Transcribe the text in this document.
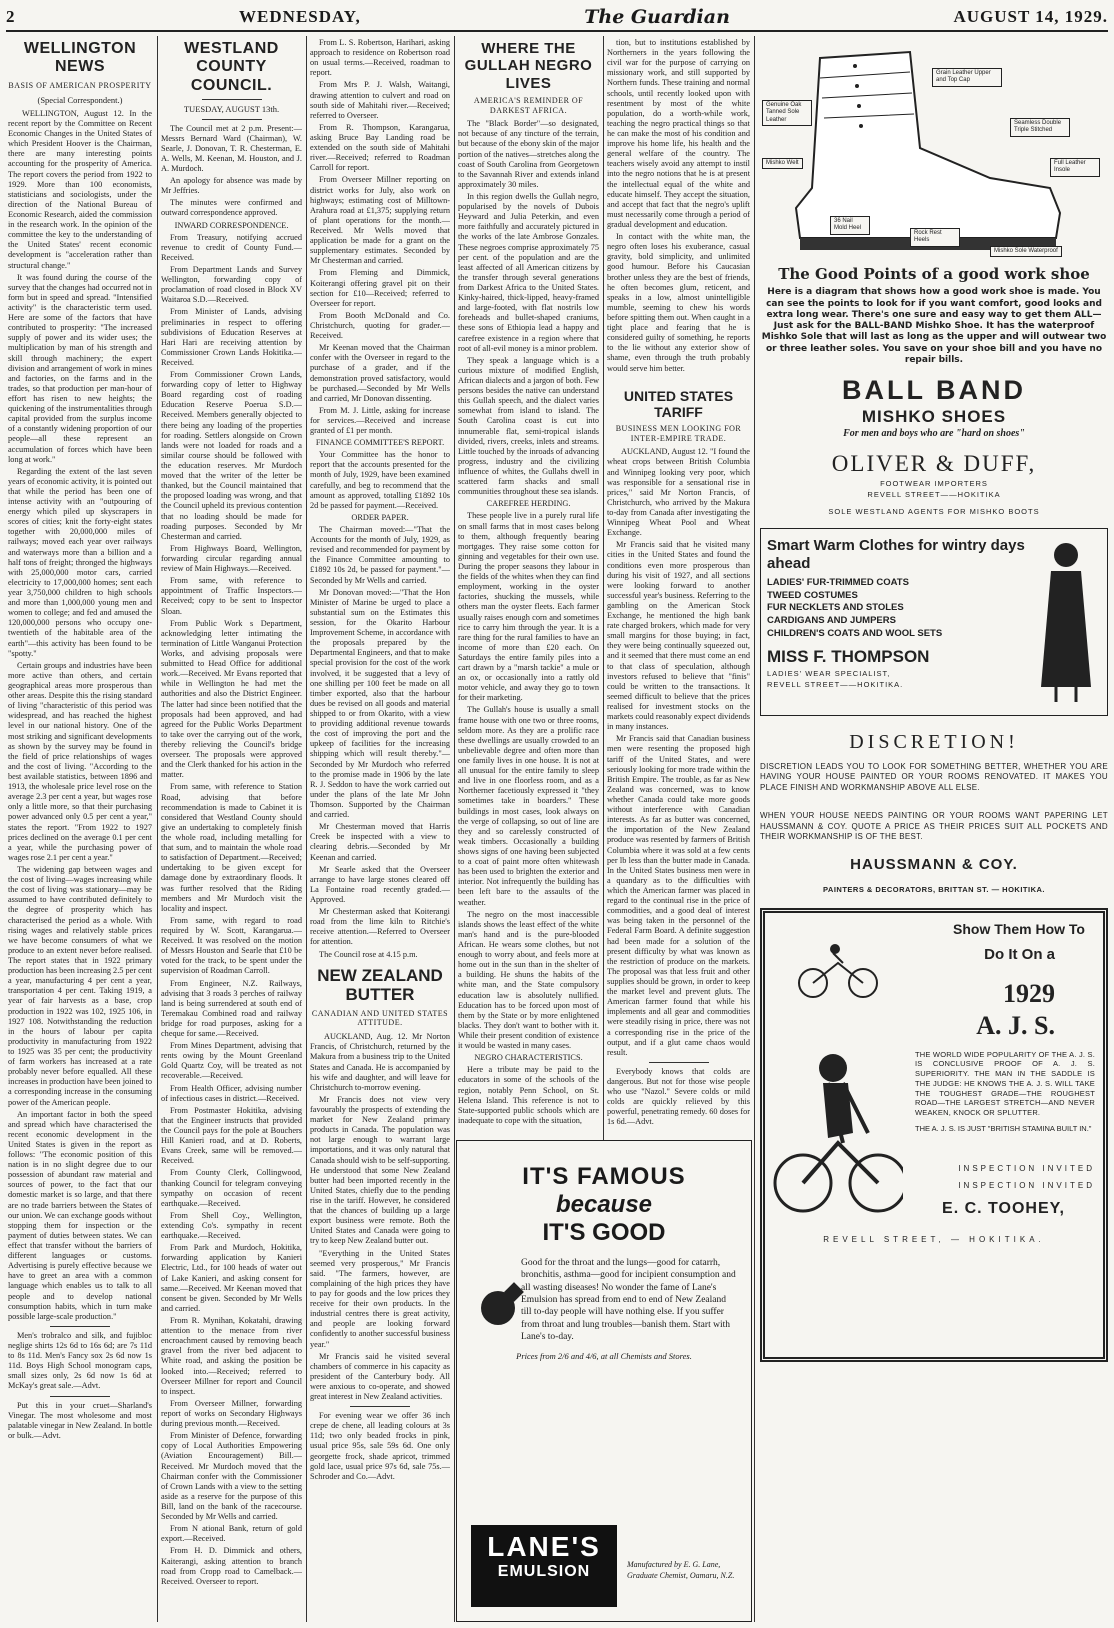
2	WEDNESDAY,	The Guardian	AUGUST 14, 1929.
WELLINGTON NEWS
BASIS OF AMERICAN PROSPERITY
(Special Correspondent.)

WELLINGTON, August 12. In the recent report by the Committee on Recent Economic Changes in the United States of which President Hoover is the Chairman, there are many interesting points accounting for the prosperity of America. The report covers the period from 1922 to 1929. More than 100 economists, statisticians and sociologists, under the direction of the National Bureau of Economic Research, aided the commission in the research work. In the opinion of the committee the key to the understanding of the United States' recent economic development is "acceleration rather than structural change."

It was found during the course of the survey that the changes had occurred not in form but in speed and spread. "Intensified activity" is the characteristic term used. Here are some of the factors that have contributed to prosperity: "The increased supply of power and its wider uses; the multiplication by man of his strength and skill through machinery; the expert division and arrangement of work in mines and factories, on the farms and in the trades, so that production per man-hour of effort has risen to new heights; the quickening of the instrumentalities through capital provided from the surplus income of a constantly widening proportion of our people—all these represent an accumulation of forces which have been long at work."

Regarding the extent of the last seven years of economic activity, it is pointed out that while the period has been one of intense activity with an "outpouring of energy which piled up skyscrapers in scores of cities; knit the forty-eight states together with 20,000,000 miles of railways; moved each year over railways and waterways more than a billion and a half tons of freight; thronged the highways with 25,000,000 motor cars, carried electricity to 17,000,000 homes; sent each year 3,750,000 children to high schools and more than 1,000,000 young men and women to college; and fed and amused the 120,000,000 persons who occupy one-twentieth of the habitable area of the earth"—this activity has been found to be "spotty."

Certain groups and industries have been more active than others, and certain geographical areas more prosperous than other areas. Despite this the rising standard of living "characteristic of this period was widespread, and has reached the highest level in our national history. One of the most striking and significant developments as shown by the survey may be found in the field of price relationships of wages and the cost of living. "According to the best available statistics, between 1896 and 1913, the wholesale price level rose on the average 2.3 per cent a year, but wages rose only a little more, so that their purchasing power advanced only 0.5 per cent a year," states the report. "From 1922 to 1927 prices declined on the average 0.1 per cent a year, while the purchasing power of wages rose 2.1 per cent a year."

The widening gap between wages and the cost of living—wages increasing while the cost of living was stationary—may be assumed to have contributed definitely to the degree of prosperity which has characterised the period as a whole. With rising wages and relatively stable prices we have become consumers of what we produce to an extent never before realised. The report states that in 1922 primary production has been increasing 2.5 per cent a year, manufacturing 4 per cent a year, transportation 4 per cent. Taking 1919, a year of fair harvests as a base, crop production in 1922 was 102, 1925 106, in 1927 108. Notwithstanding the reduction in the hours of labour per capita productivity in manufacturing from 1922 to 1925 was 35 per cent; the productivity of farm workers has increased at a rate probably never before equalled. All these increases in production have been joined to a corresponding increase in the consuming power of the American people.

An important factor in both the speed and spread which have characterised the recent economic development in the United States is given in the report as follows: "The economic position of this nation is in no slight degree due to our possession of abundant raw material and sources of power, to the fact that our domestic market is so large, and that there are no trade barriers between the States of our union. We can exchange goods without stopping them for inspection or the payment of duties between states. We can effect that transfer without the barriers of different languages or customs. Advertising is purely effective because we have to greet an area with a common language which enables us to talk to all people and to develop national consumption habits, which in turn make possible large-scale production."

Men's trobralco and silk, and fujibloc neglige shirts 12s 6d to 16s 6d; are 7s 11d to 8s 11d. Men's Fancy sox 2s 6d now 1s 11d. Boys High School monogram caps, small sizes only, 2s 6d now 1s 6d at McKay's great sale.—Advt.

Put this in your cruet—Sharland's Vinegar. The most wholesome and most palatable vinegar in New Zealand. In bottle or bulk.—Advt.

WESTLAND COUNTY COUNCIL.
TUESDAY, AUGUST 13th.

The Council met at 2 p.m. Present:—Messrs Bernard Ward (Chairman), W. Searle, J. Donovan, T. R. Chesterman, E. A. Wells, M. Keenan, M. Houston, and J. A. Murdoch.

An apology for absence was made by Mr Jeffries.

The minutes were confirmed and outward correspondence approved.

INWARD CORRESPONDENCE.

From Treasury, notifying accrued revenue to credit of County Fund.—Received.

From Department Lands and Survey Wellington, forwarding copy of proclamation of road closed in Block XV Waitaroa S.D.—Received.

From Minister of Lands, advising preliminaries in respect to offering subdivisions of Education Reserves at Hari Hari are receiving attention by Commissioner Crown Lands Hokitika.—Received.

From Commissioner Crown Lands, forwarding copy of letter to Highway Board regarding cost of roading Education Reserve Poerua S.D.—Received. Members generally objected to there being any loading of the properties for roading. Settlers alongside on Crown lands were not loaded for roads and a similar course should be followed with the education reserves. Mr Murdoch moved that the writer of the letter be thanked, but the Council maintained that the proposed loading was wrong, and that the Council upheld its previous contention that no loading should be made for roading purposes. Seconded by Mr Chesterman and carried.

From Highways Board, Wellington, forwarding circular regarding annual review of Main Highways.—Received.

From same, with reference to appointment of Traffic Inspectors.—Received; copy to be sent to Inspector Sloan.

From Public Work s Department, acknowledging letter intimating the termination of Little Wanganui Protection Works, and advising proposals were submitted to Head Office for additional work.—Received. Mr Evans reported that while in Wellington he had met the authorities and also the District Engineer. The latter had since been notified that the proposals had been approved, and had agreed for the Public Works Department to take over the carrying out of the work, thereby relieving the Council's bridge overseer. The proposals were approved and the Clerk thanked for his action in the matter.

From same, with reference to Station Road, advising that before recommendation is made to Cabinet it is considered that Westland County should give an undertaking to completely finish the whole road, including metalling for that sum, and to maintain the whole road to satisfaction of Department.—Received; undertaking to be given except for damage done by extraordinary floods. It was further resolved that the Riding members and Mr Murdoch visit the locality and inspect.

From same, with regard to road required by W. Scott, Karangarua.—Received. It was resolved on the motion of Messrs Houston and Searle that £10 be voted for the track, to be spent under the supervision of Roadman Carroll.

From Engineer, N.Z. Railways, advising that 3 roads 3 perches of railway land is being surrendered at south end of Teremakau Combined road and railway bridge for road purposes, asking for a cheque for same.—Received.

From Mines Department, advising that rents owing by the Mount Greenland Gold Quartz Coy, will be treated as not recoverable.—Received.

From Health Officer, advising number of infectious cases in district.—Received.

From Postmaster Hokitika, advising that the Engineer instructs that provided the Council pays for the pole at Bouchers Hill Kanieri road, and at D. Roberts, Evans Creek, same will be removed.—Received.

From County Clerk, Collingwood, thanking Council for telegram conveying sympathy on occasion of recent earthquake.—Received.

From Shell Coy., Wellington, extending Co's. sympathy in recent earthquake.—Received.

From Park and Murdoch, Hokitika, forwarding application by Kanieri Electric, Ltd., for 100 heads of water out of Lake Kanieri, and asking consent for same.—Received. Mr Keenan moved that consent be given. Seconded by Mr Wells and carried.

From R. Mynihan, Kokatahi, drawing attention to the menace from river encroachment caused by removing beach gravel from the river bed adjacent to White road, and asking the position be looked into.—Received; referred to Overseer Millner for report and Council to inspect.

From Overseer Millner, forwarding report of works on Secondary Highways during previous month.—Received.

From Minister of Defence, forwarding copy of Local Authorities Empowering (Aviation Encouragement) Bill.—Received. Mr Murdoch moved that the Chairman confer with the Commissioner of Crown Lands with a view to the setting aside as a reserve for the purpose of this Bill, land on the bank of the racecourse. Seconded by Mr Wells and carried.

From N ational Bank, return of gold export.—Received.

From H. D. Dimmick and others, Kaiterangi, asking attention to branch road from Cropp road to Camelback.—Received. Overseer to report.

From L. S. Robertson, Harihari, asking approach to residence on Robertson road on usual terms.—Received, roadman to report.

From Mrs P. J. Walsh, Waitangi, drawing attention to culvert and road on south side of Mahitahi river.—Received; referred to Overseer.

From R. Thompson, Karangarua, asking Bruce Bay Landing road be extended on the south side of Mahitahi river.—Received; referred to Roadman Carroll for report.

From Overseer Millner reporting on district works for July, also work on highways; estimating cost of Milltown-Arahura road at £1,375; supplying return of plant operations for the month.—Received. Mr Wells moved that application be made for a grant on the supplementary estimates. Seconded by Mr Chesterman and carried.

From Fleming and Dimmick, Koiterangi offering gravel pit on their section for £10—Received; referred to Overseer for report.

From Booth McDonald and Co. Christchurch, quoting for grader.—Received.

Mr Keenan moved that the Chairman confer with the Overseer in regard to the purchase of a grader, and if the demonstration proved satisfactory, would be purchased.—Seconded by Mr Wells and carried, Mr Donovan dissenting.

From M. J. Little, asking for increase for services.—Received and increase granted of £1 per month.

FINANCE COMMITTEE'S REPORT.

Your Committee has the honor to report that the accounts presented for the month of July, 1929, have been examined carefully, and beg to recommend that the amount as approved, totalling £1892 10s 2d be passed for payment.—Received.

ORDER PAPER.

The Chairman moved:—"That the Accounts for the month of July, 1929, as revised and recommended for payment by the Finance Committee amounting to £1892 10s 2d, be passed for payment."—Seconded by Mr Wells and carried.

Mr Donovan moved:—"That the Hon Minister of Marine be urged to place a substantial sum on the Estimates this session, for the Okarito Harbour Improvement Scheme, in accordance with the proposals prepared by the Departmental Engineers, and that to make special provision for the cost of the work involved, it be suggested that a levy of one shilling per 100 feet be made on all timber exported, also that the harbour dues be revised on all goods and material shipped to or from Okarito, with a view to providing additional revenue towards the cost of improving the port and the upkeep of facilities for the increasing shipping which will result thereby."—Seconded by Mr Murdoch who referred to the promise made in 1906 by the late R. J. Seddon to have the work carried out under the plans of the late Mr John Thomson. Supported by the Chairman and carried.

Mr Chesterman moved that Harris Creek be inspected with a view to clearing debris.—Seconded by Mr Keenan and carried.

Mr Searle asked that the Overseer arrange to have large stones cleared off La Fontaine road recently graded.—Approved.

Mr Chesterman asked that Koiterangi road from the lime kiln to Ritchie's receive attention.—Referred to Overseer for attention.

The Council rose at 4.15 p.m.

NEW ZEALAND BUTTER
CANADIAN AND UNITED STATES ATTITUDE.

AUCKLAND, Aug. 12. Mr Norton Francis, of Christchurch, returned by the Makura from a business trip to the United States and Canada. He is accompanied by his wife and daughter, and will leave for Christchurch to-morrow evening.

Mr Francis does not view very favourably the prospects of extending the market for New Zealand primary products in Canada. The population was not large enough to warrant large importations, and it was only natural that Canada should wish to be self-supporting. He understood that some New Zealand butter had been imported recently in the United States, chiefly due to the pending rise in the tariff. However, he considered that the chances of building up a large export business were remote. Both the United States and Canada were going to try to keep New Zealand butter out.

"Everything in the United States seemed very prosperous," Mr Francis said. "The farmers, however, are complaining of the high prices they have to pay for goods and the low prices they receive for their own products. In the industrial centres there is great activity, and people are looking forward confidently to another successful business year."

Mr Francis said he visited several chambers of commerce in his capacity as president of the Canterbury body. All were anxious to co-operate, and showed great interest in New Zealand activities.

For evening wear we offer 36 inch crepe de chene, all leading colours at 3s 11d; two only beaded frocks in pink, usual price 95s, sale 59s 6d. One only georgette frock, shade apricot, trimmed gold lace, usual price 97s 6d, sale 75s.—Schroder and Co.—Advt.

WHERE THE GULLAH NEGRO LIVES
AMERICA'S REMINDER OF DARKEST AFRICA.

The "Black Border"—so designated, not because of any tincture of the terrain, but because of the ebony skin of the major portion of the natives—stretches along the coast of South Carolina from Georgetown to the Savannah River and extends inland approximately 30 miles.

In this region dwells the Gullah negro, popularised by the novels of Dubois Heyward and Julia Peterkin, and even more faithfully and accurately pictured in the works of the late Ambrose Gonzales. These negroes comprise approximately 75 per cent. of the population and are the least affected of all American citizens by the transfer through several generations from Darkest Africa to the United States. Kinky-haired, thick-lipped, heavy-framed and large-footed, with flat nostrils low foreheads and bullet-shaped craniums, these sons of Ethiopia lead a happy and carefree existence in a region where that root of all-evil money is a minor problem.

They speak a language which is a curious mixture of modified English, African dialects and a jargon of both. Few persons besides the native can understand this Gullah speech, and the dialect varies somewhat from island to island. The South Carolina coast is cut into innumerable flat, semi-tropical islands divided, rivers, creeks, inlets and streams. Little touched by the inroads of advancing progress, industry and the civilizing influence of whites, the Gullahs dwell in scattered farm shacks and small communities throughout these sea islands.

CAREFREE HERDING.

These people live in a purely rural life on small farms that in most cases belong to them, although frequently bearing mortgages. They raise some cotton for ginning and vegetables for their own use. During the proper seasons they labour in the fields of the whites when they can find employment, working in the oyster factories, shucking the mussels, while others man the oyster fleets. Each farmer usually raises enough corn and sometimes rice to carry him through the year. It is a rare thing for the rural families to have an income of more than £20 each. On Saturdays the entire family piles into a cart drawn by a "marsh tackie" a mule or an ox, or occasionally into a rattly old motor vehicle, and away they go to town for their marketing.

The Gullah's house is usually a small frame house with one two or three rooms, seldom more. As they are a prolific race these dwellings are usually crowded to an unbelievable degree and often more than one family lives in one house. It is not at all unusual for the entire family to sleep and live in one floorless room, and as a Northerner facetiously expressed it "they sometimes take in boarders." These buildings in most cases, look always on the verge of collapsing, so out of line are they and so carelessly constructed of weak timbers. Occasionally a building shows signs of one having been subjected to a coat of paint more often whitewash has been used to brighten the exterior and interior. Not infrequently the building has been left bare to the assaults of the weather.

The negro on the most inaccessible islands shows the least effect of the white man's hand and is the pure-blooded African. He wears some clothes, but not enough to worry about, and feels more at home out in the sun than in the shelter of a building. He shuns the habits of the white man, and the State compulsory education law is absolutely nullified. Education has to be forced upon most of them by the State or by more enlightened blacks. They don't want to bother with it. While their present condition of existence it would be wasted in many cases.

NEGRO CHARACTERISTICS.

Here a tribute may be paid to the educators in some of the schools of the region, notably Penn School, on St. Helena Island. This reference is not to State-supported public schools which are inadequate to cope with the situation,

tion, but to institutions established by Northerners in the years following the civil war for the purpose of carrying on missionary work, and still supported by Northern funds. These training and normal schools, until recently looked upon with resentment by most of the white population, do a worth-while work, teaching the negro practical things so that he can make the most of his condition and improve his home life, his health and the general welfare of the country. The teachers wisely avoid any attempt to instil into the negro notions that he is at present the intellectual equal of the white and educate himself. They accept the situation, and accept that fact that the negro's uplift must necessarily come through a period of gradual development and education.

In contact with the white man, the negro often loses his exuberance, casual gravity, bold simplicity, and unlimited good humour. Before his Caucasian brother unless they are the best of friends, he often becomes glum, reticent, and speaks in a low, almost unintelligible mumble, seeming to chew his words before spitting them out. When caught in a tight place and fearing that he is considered guilty of something, he reports to the lie without any exterior show of shame, even through the truth probably would serve him better.

UNITED STATES TARIFF
BUSINESS MEN LOOKING FOR INTER-EMPIRE TRADE.

AUCKLAND, August 12. "I found the wheat crops between British Columbia and Winnipeg looking very poor, which was responsible for a sensational rise in prices," said Mr Norton Francis, of Christchurch, who arrived by the Makura to-day from Canada after investigating the Winnipeg Wheat Pool and Wheat Exchange.

Mr Francis said that he visited many cities in the United States and found the conditions even more prosperous than during his visit of 1927, and all sections were looking forward to another successful year's business. Referring to the gambling on the American Stock Exchange, he mentioned the high bank rate charged brokers, which made for very small margins for those buying; in fact, they were being continually squeezed out, and it seemed that there must come an end to that class of speculation, although investors refused to believe that "finis" could be written to the transactions. It seemed difficult to believe that the prices realised for investment stocks on the markets could reasonably expect dividends in many instances.

Mr Francis said that Canadian business men were resenting the proposed high tariff of the United States, and were seriously looking for more trade within the British Empire. The trouble, as far as New Zealand was concerned, was to know whether Canada could take more goods without interference with Canadian interests. As far as butter was concerned, the importation of the New Zealand produce was resented by farmers of British Columbia where it was sold at a few cents per lb less than the butter made in Canada. In the United States business men were in a quandary as to the difficulties with which the American farmer was placed in regard to the continual rise in the price of commodities, and a good deal of interest was being taken in the personnel of the Federal Farm Board. A definite suggestion had been made for a solution of the present difficulty by what was known as the restriction of produce on the markets. The proposal was that less fruit and other supplies should be grown, in order to keep the market level and prevent gluts. The American farmer found that while his implements and all gear and commodities were steadily rising in price, there was not a corresponding rise in the price of the output, and if a glut came chaos would result.

Everybody knows that colds are dangerous. But not for those wise people who use "Nazol." Severe colds or mild colds are quickly relieved by this powerful, penetrating remedy. 60 doses for 1s 6d.—Advt.

IT'S FAMOUS
because
IT'S GOOD
Good for the throat and the lungs—good for catarrh, bronchitis, asthma—good for incipient consumption and all wasting diseases! No wonder the fame of Lane's Emulsion has spread from end to end of New Zealand till to-day people will have nothing else. If you suffer from throat and lung troubles—banish them. Start with Lane's to-day.
Prices from 2/6 and 4/6, at all Chemists and Stores.
LANE'S
EMULSION	Manufactured by E. G. Lane, Graduate Chemist, Oamaru, N.Z.
Grain Leather Upper and Top Cap
Genuine Oak Tanned Sole Leather
Seamless Double Triple Stitched
Full Leather Insole
Mishko Welt
Rock Rest Heels
36 Nail Mold Heel
Mishko Sole Waterproof
The Good Points of a good work shoe
Here is a diagram that shows how a good work shoe is made. You can see the points to look for if you want comfort, good looks and extra long wear. There's one sure and easy way to get them ALL—Just ask for the BALL-BAND Mishko Shoe. It has the waterproof Mishko Sole that will last as long as the upper and will outwear two or three leather soles. You save on your shoe bill and you have no repair bills.
BALL BAND
MISHKO SHOES
For men and boys who are "hard on shoes"
OLIVER & DUFF,
FOOTWEAR IMPORTERS
REVELL STREET——HOKITIKA
SOLE WESTLAND AGENTS FOR MISHKO BOOTS
Smart Warm Clothes for wintry days ahead
LADIES' FUR-TRIMMED COATS
TWEED COSTUMES
FUR NECKLETS AND STOLES
CARDIGANS AND JUMPERS
CHILDREN'S COATS AND WOOL SETS
MISS F. THOMPSON
LADIES' WEAR SPECIALIST,
REVELL STREET——HOKITIKA.
DISCRETION!
DISCRETION LEADS YOU TO LOOK FOR SOMETHING BETTER, WHETHER YOU ARE HAVING YOUR HOUSE PAINTED OR YOUR ROOMS RENOVATED. IT MAKES YOU PLACE FINISH AND WORKMANSHIP ABOVE ALL ELSE.
WHEN YOUR HOUSE NEEDS PAINTING OR YOUR ROOMS WANT PAPERING LET HAUSSMANN & COY. QUOTE A PRICE AS THEIR PRICES SUIT ALL POCKETS AND THEIR WORKMANSHIP IS OF THE BEST.
HAUSSMANN & COY.
PAINTERS & DECORATORS, BRITTAN ST. — HOKITIKA.
Show Them How To
Do It On a
1929
A. J. S.
THE WORLD WIDE POPULARITY OF THE A. J. S. IS CONCLUSIVE PROOF OF A. J. S. SUPERIORITY. THE MAN IN THE SADDLE IS THE JUDGE: HE KNOWS THE A. J. S. WILL TAKE THE TOUGHEST GRADE—THE ROUGHEST ROAD—THE LARGEST STRETCH—AND NEVER WEAKEN, KNOCK OR SPLUTTER.
THE A. J. S. IS JUST "BRITISH STAMINA BUILT IN."
INSPECTION INVITED
INSPECTION INVITED
E. C. TOOHEY,
REVELL STREET, — HOKITIKA.
